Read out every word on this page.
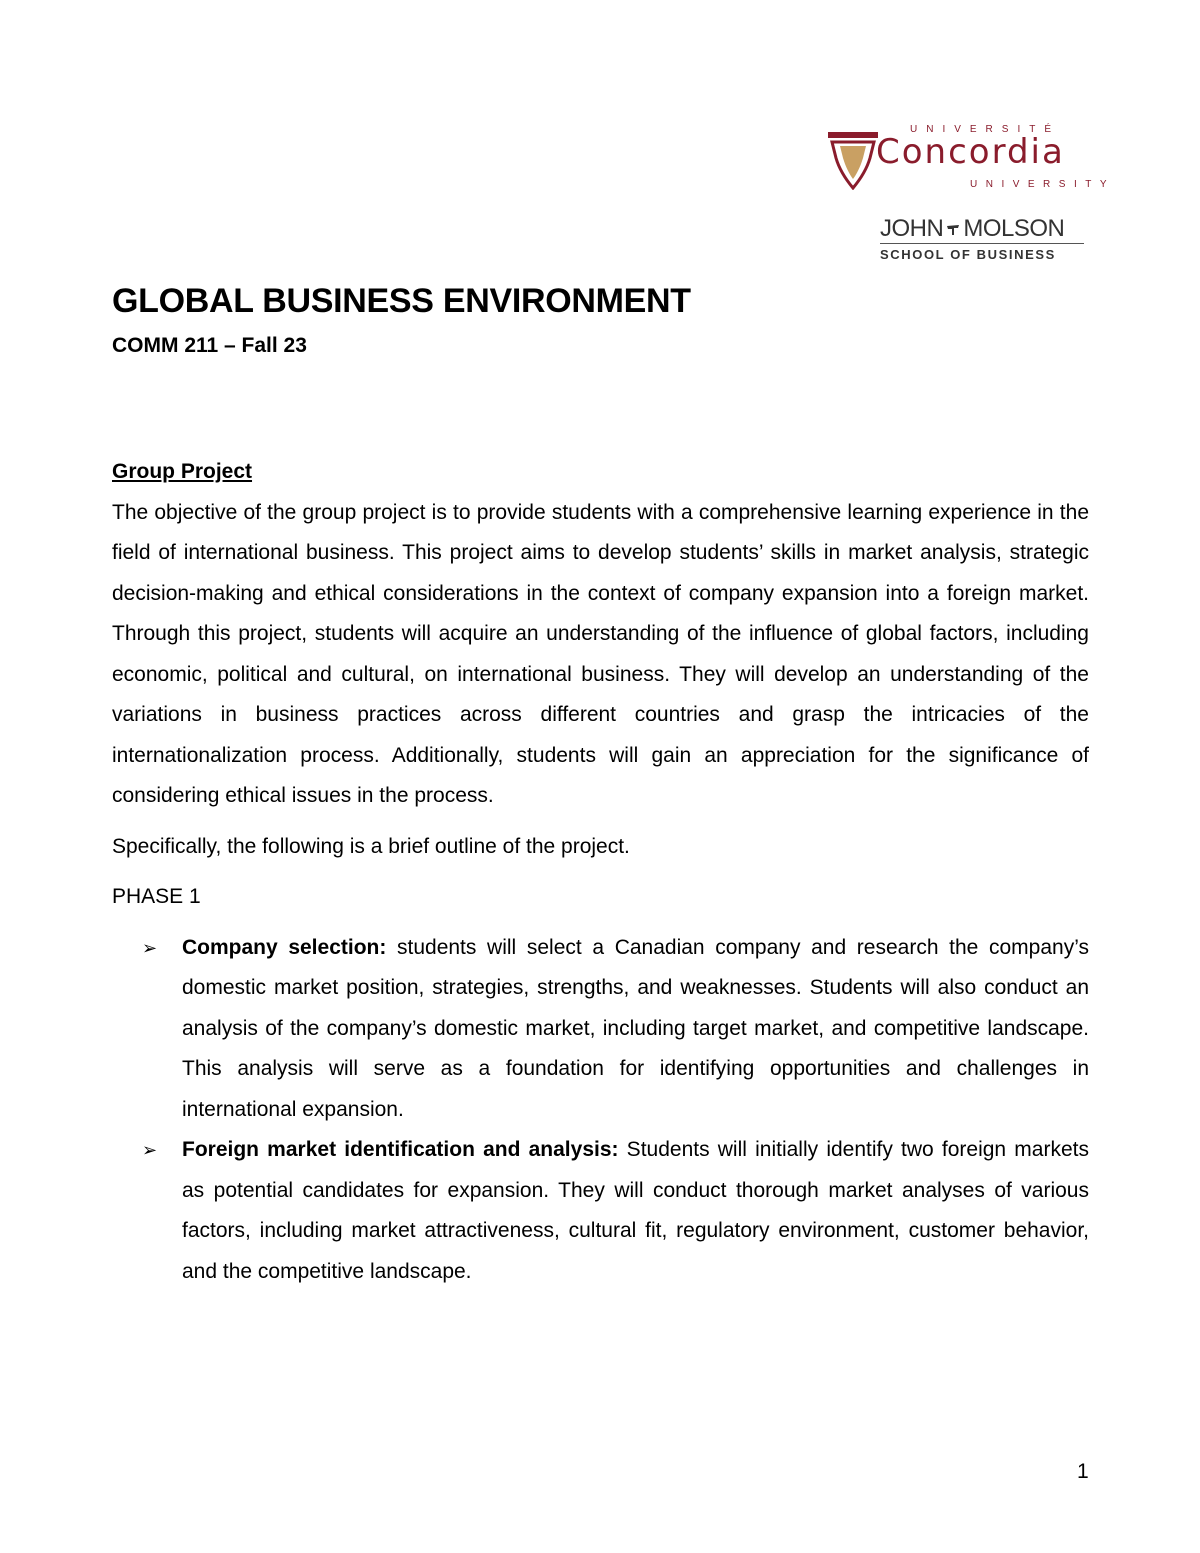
UNIVERSITÉ
Concordia
UNIVERSITY
JOHN MOLSON
SCHOOL OF BUSINESS
GLOBAL BUSINESS ENVIRONMENT
COMM 211 – Fall 23

Group Project

The objective of the group project is to provide students with a comprehensive learning experience in the field of international business. This project aims to develop students’ skills in market analysis, strategic decision-making and ethical considerations in the context of company expansion into a foreign market. Through this project, students will acquire an understanding of the influence of global factors, including economic, political and cultural, on international business. They will develop an understanding of the variations in business practices across different countries and grasp the intricacies of the internationalization process. Additionally, students will gain an appreciation for the significance of considering ethical issues in the process.

Specifically, the following is a brief outline of the project.

PHASE 1

➢ Company selection: students will select a Canadian company and research the company’s domestic market position, strategies, strengths, and weaknesses. Students will also conduct an analysis of the company’s domestic market, including target market, and competitive landscape. This analysis will serve as a foundation for identifying opportunities and challenges in international expansion.
➢ Foreign market identification and analysis: Students will initially identify two foreign markets as potential candidates for expansion. They will conduct thorough market analyses of various factors, including market attractiveness, cultural fit, regulatory environment, customer behavior, and the competitive landscape.

1
